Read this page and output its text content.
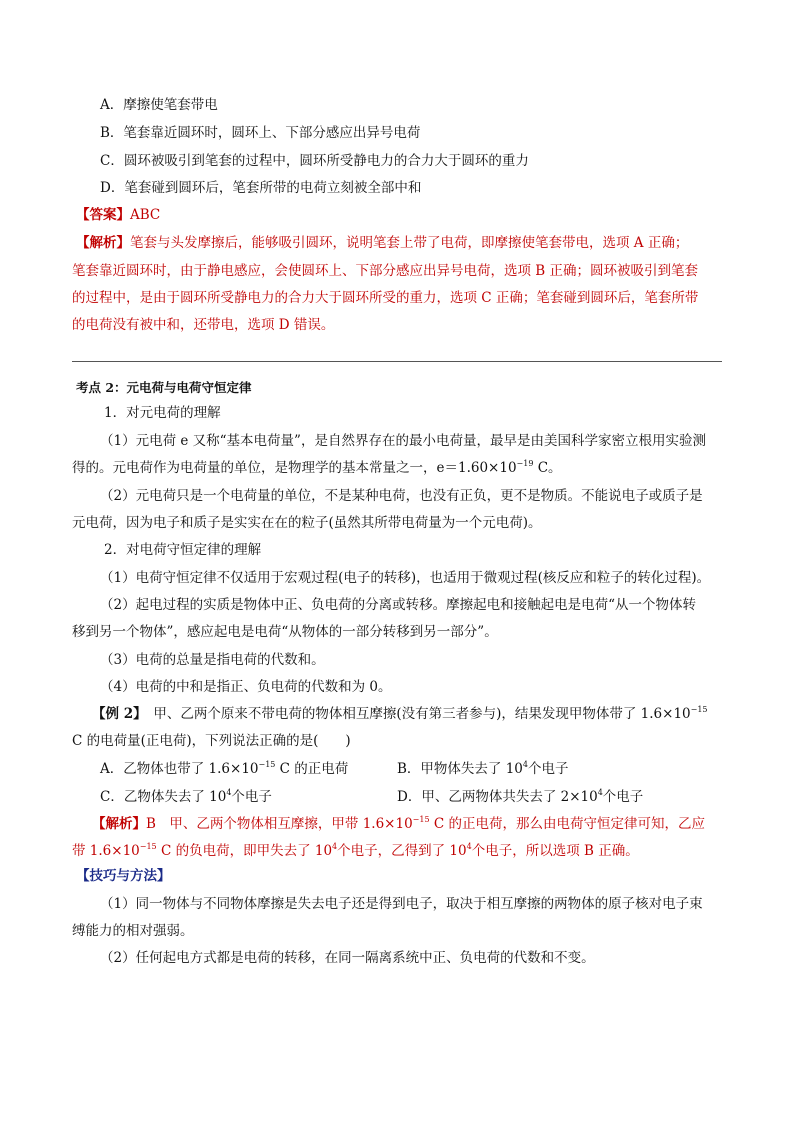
A．摩擦使笔套带电
B．笔套靠近圆环时，圆环上、下部分感应出异号电荷
C．圆环被吸引到笔套的过程中，圆环所受静电力的合力大于圆环的重力
D．笔套碰到圆环后，笔套所带的电荷立刻被全部中和
【答案】ABC
【解析】笔套与头发摩擦后，能够吸引圆环，说明笔套上带了电荷，即摩擦使笔套带电，选项 A 正确；
笔套靠近圆环时，由于静电感应，会使圆环上、下部分感应出异号电荷，选项 B 正确；圆环被吸引到笔套
的过程中，是由于圆环所受静电力的合力大于圆环所受的重力，选项 C 正确；笔套碰到圆环后，笔套所带
的电荷没有被中和，还带电，选项 D 错误。
考点 2：元电荷与电荷守恒定律
1．对元电荷的理解
（1）元电荷 e 又称“基本电荷量”，是自然界存在的最小电荷量，最早是由美国科学家密立根用实验测
得的。元电荷作为电荷量的单位，是物理学的基本常量之一，$e=1.60\times 10^{-19}$ C。
（2）元电荷只是一个电荷量的单位，不是某种电荷，也没有正负，更不是物质。不能说电子或质子是
元电荷，因为电子和质子是实实在在的粒子(虽然其所带电荷量为一个元电荷)。
2．对电荷守恒定律的理解
（1）电荷守恒定律不仅适用于宏观过程(电子的转移)，也适用于微观过程(核反应和粒子的转化过程)。
（2）起电过程的实质是物体中正、负电荷的分离或转移。摩擦起电和接触起电是电荷“从一个物体转
移到另一个物体”，感应起电是电荷“从物体的一部分转移到另一部分”。
（3）电荷的总量是指电荷的代数和。
（4）电荷的中和是指正、负电荷的代数和为 0。
【例 2】　 甲、乙两个原来不带电荷的物体相互摩擦(没有第三者参与)，结果发现甲物体带了 $1.6\times 10^{-15}$
C 的电荷量(正电荷)，下列说法正确的是(　　)
A．乙物体也带了 $1.6\times 10^{-15}$ C 的正电荷	B．甲物体失去了 $10^4$个电子
C．乙物体失去了 $10^4$个电子	D．甲、乙两物体共失去了 $2\times 10^4$个电子
【解析】B　甲、乙两个物体相互摩擦，甲带 $1.6\times 10^{-15}$ C 的正电荷，那么由电荷守恒定律可知，乙应
带 $1.6\times 10^{-15}$ C 的负电荷，即甲失去了 $10^4$个电子，乙得到了 $10^4$个电子，所以选项 B 正确。
【技巧与方法】
（1）同一物体与不同物体摩擦是失去电子还是得到电子，取决于相互摩擦的两物体的原子核对电子束
缚能力的相对强弱。
（2）任何起电方式都是电荷的转移，在同一隔离系统中正、负电荷的代数和不变。
